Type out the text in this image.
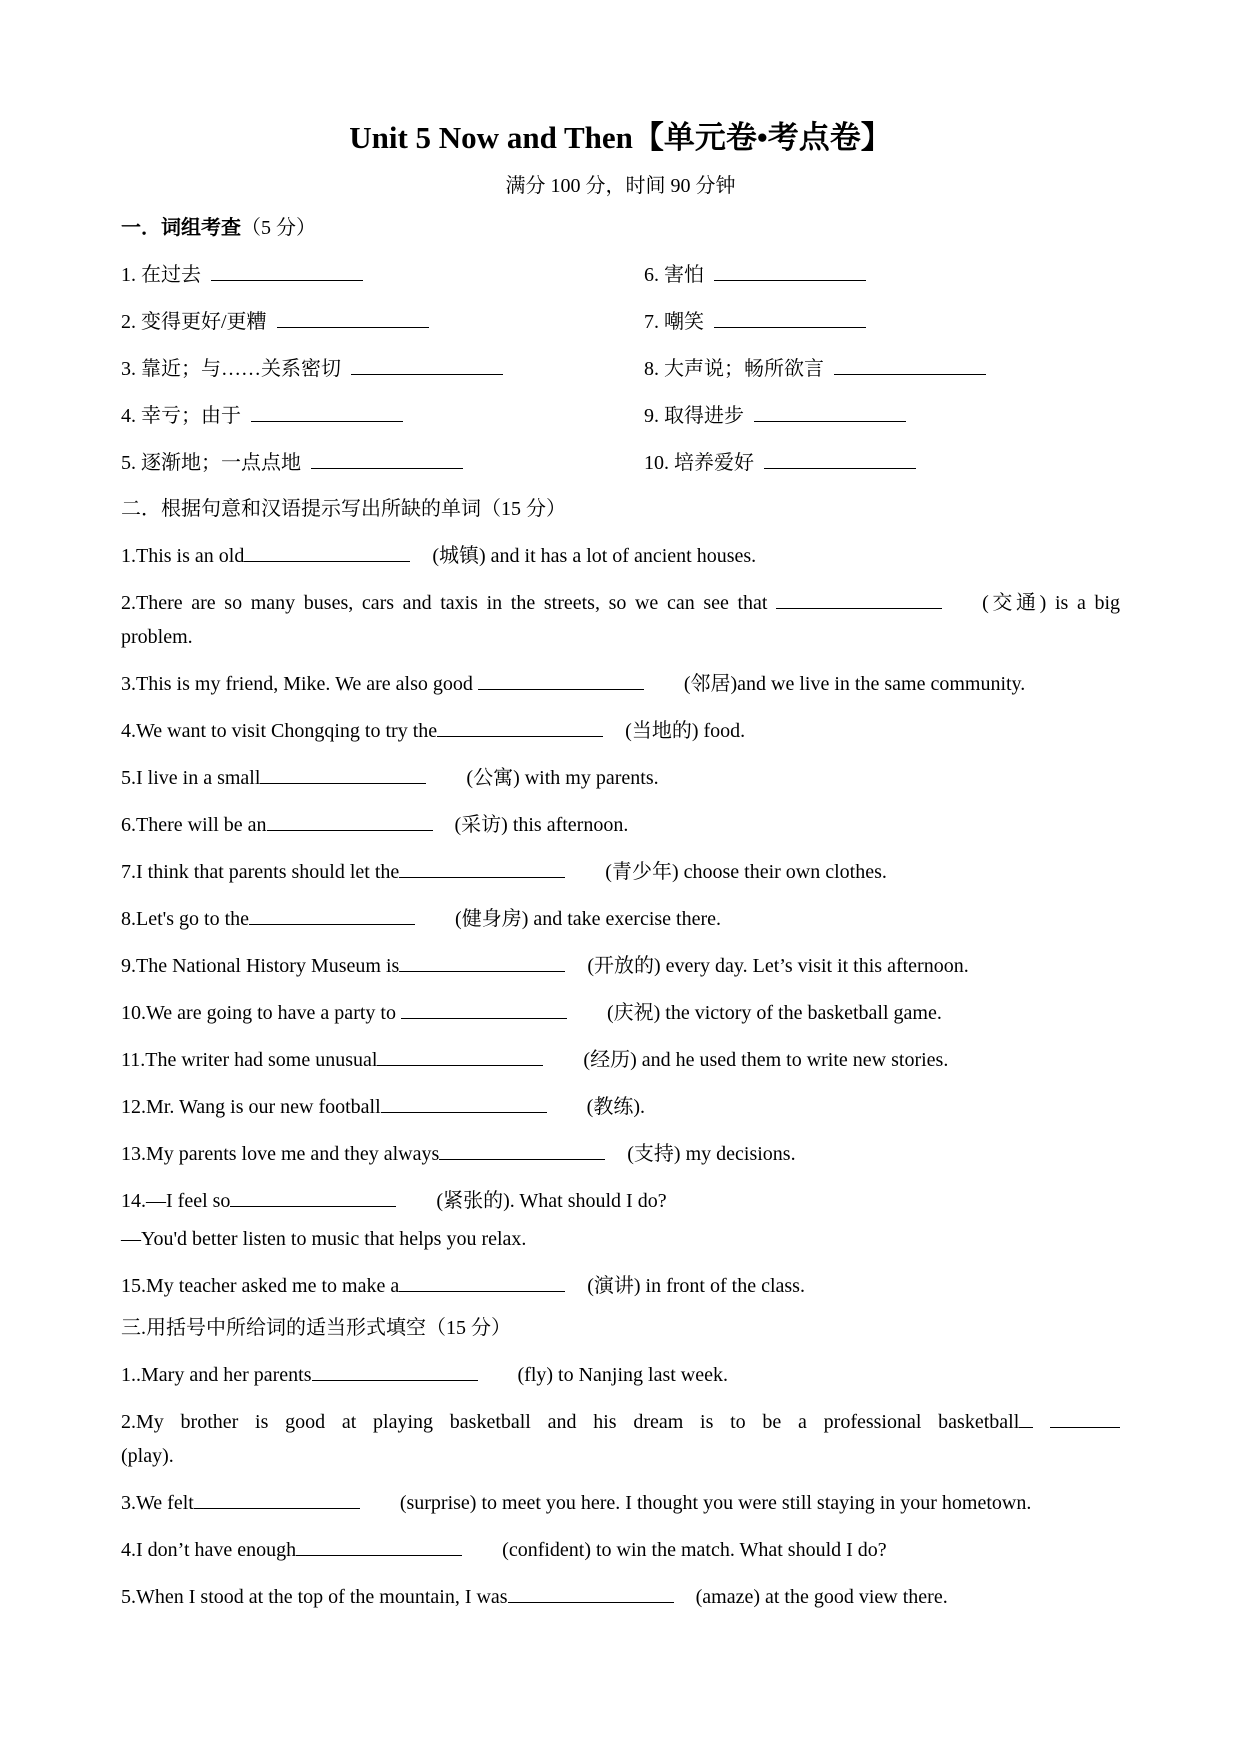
Unit 5 Now and Then【单元卷•考点卷】
满分 100 分，时间 90 分钟
一．词组考查（5 分）
1. 在过去	6. 害怕
2. 变得更好/更糟	7. 嘲笑
3. 靠近；与……关系密切	8. 大声说；畅所欲言
4. 幸亏；由于	9. 取得进步
5. 逐渐地；一点点地	10. 培养爱好
二．根据句意和汉语提示写出所缺的单词（15 分）
1.This is an old	(城镇) and it has a lot of ancient houses.
2.There are so many buses, cars and taxis in the streets, so we can see that	(交通) is a big
problem.
3.This is my friend, Mike. We are also good	(邻居)and we live in the same community.
4.We want to visit Chongqing to try the	(当地的) food.
5.I live in a small	(公寓) with my parents.
6.There will be an	(采访) this afternoon.
7.I think that parents should let the	(青少年) choose their own clothes.
8.Let's go to the	(健身房) and take exercise there.
9.The National History Museum is	(开放的) every day. Let’s visit it this afternoon.
10.We are going to have a party to	(庆祝) the victory of the basketball game.
11.The writer had some unusual	(经历) and he used them to write new stories.
12.Mr. Wang is our new football	(教练).
13.My parents love me and they always	(支持) my decisions.
14.—I feel so	(紧张的). What should I do?
—You'd better listen to music that helps you relax.
15.My teacher asked me to make a	(演讲) in front of the class.
三.用括号中所给词的适当形式填空（15 分）
1..Mary and her parents	(fly) to Nanjing last week.
2.My brother is good at playing basketball and his dream is to be a professional basketball
(play).
3.We felt	(surprise) to meet you here. I thought you were still staying in your hometown.
4.I don’t have enough	(confident) to win the match. What should I do?
5.When I stood at the top of the mountain, I was	(amaze) at the good view there.
